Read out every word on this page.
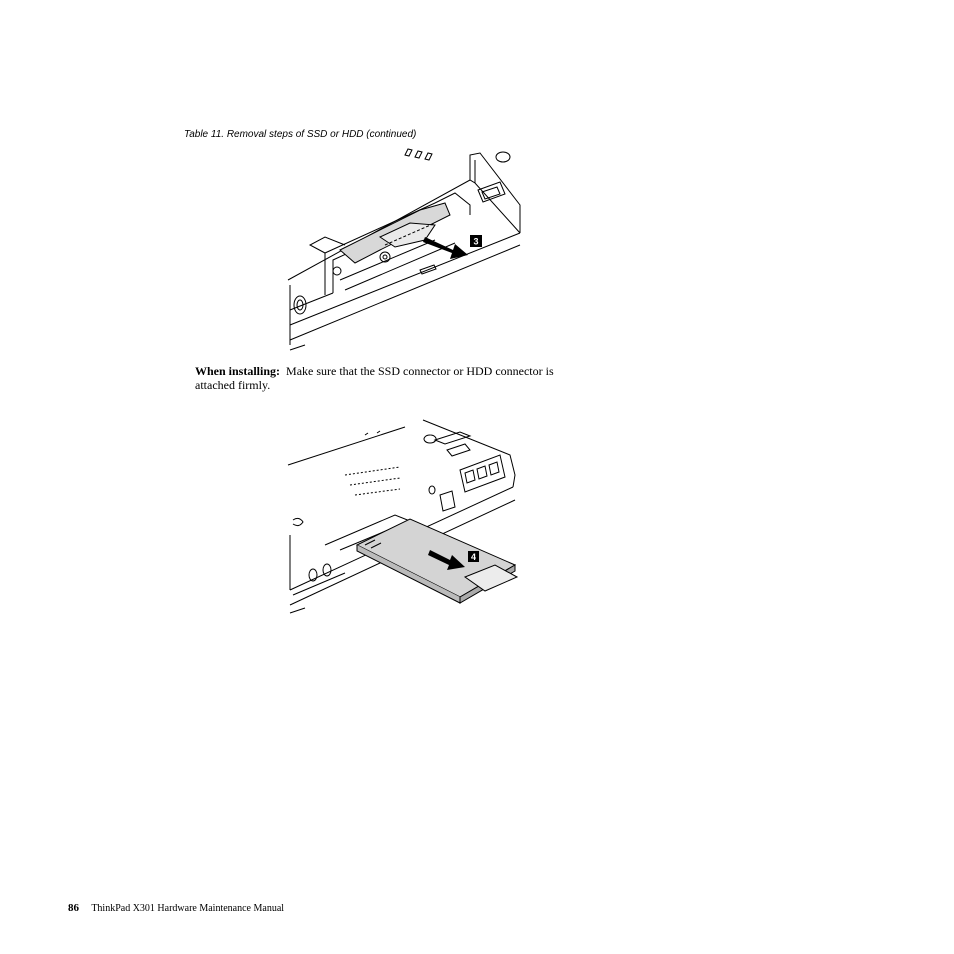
Table 11. Removal steps of SSD or HDD (continued)
3
When installing: Make sure that the SSD connector or HDD connector is attached firmly.
4
86 ThinkPad X301 Hardware Maintenance Manual
